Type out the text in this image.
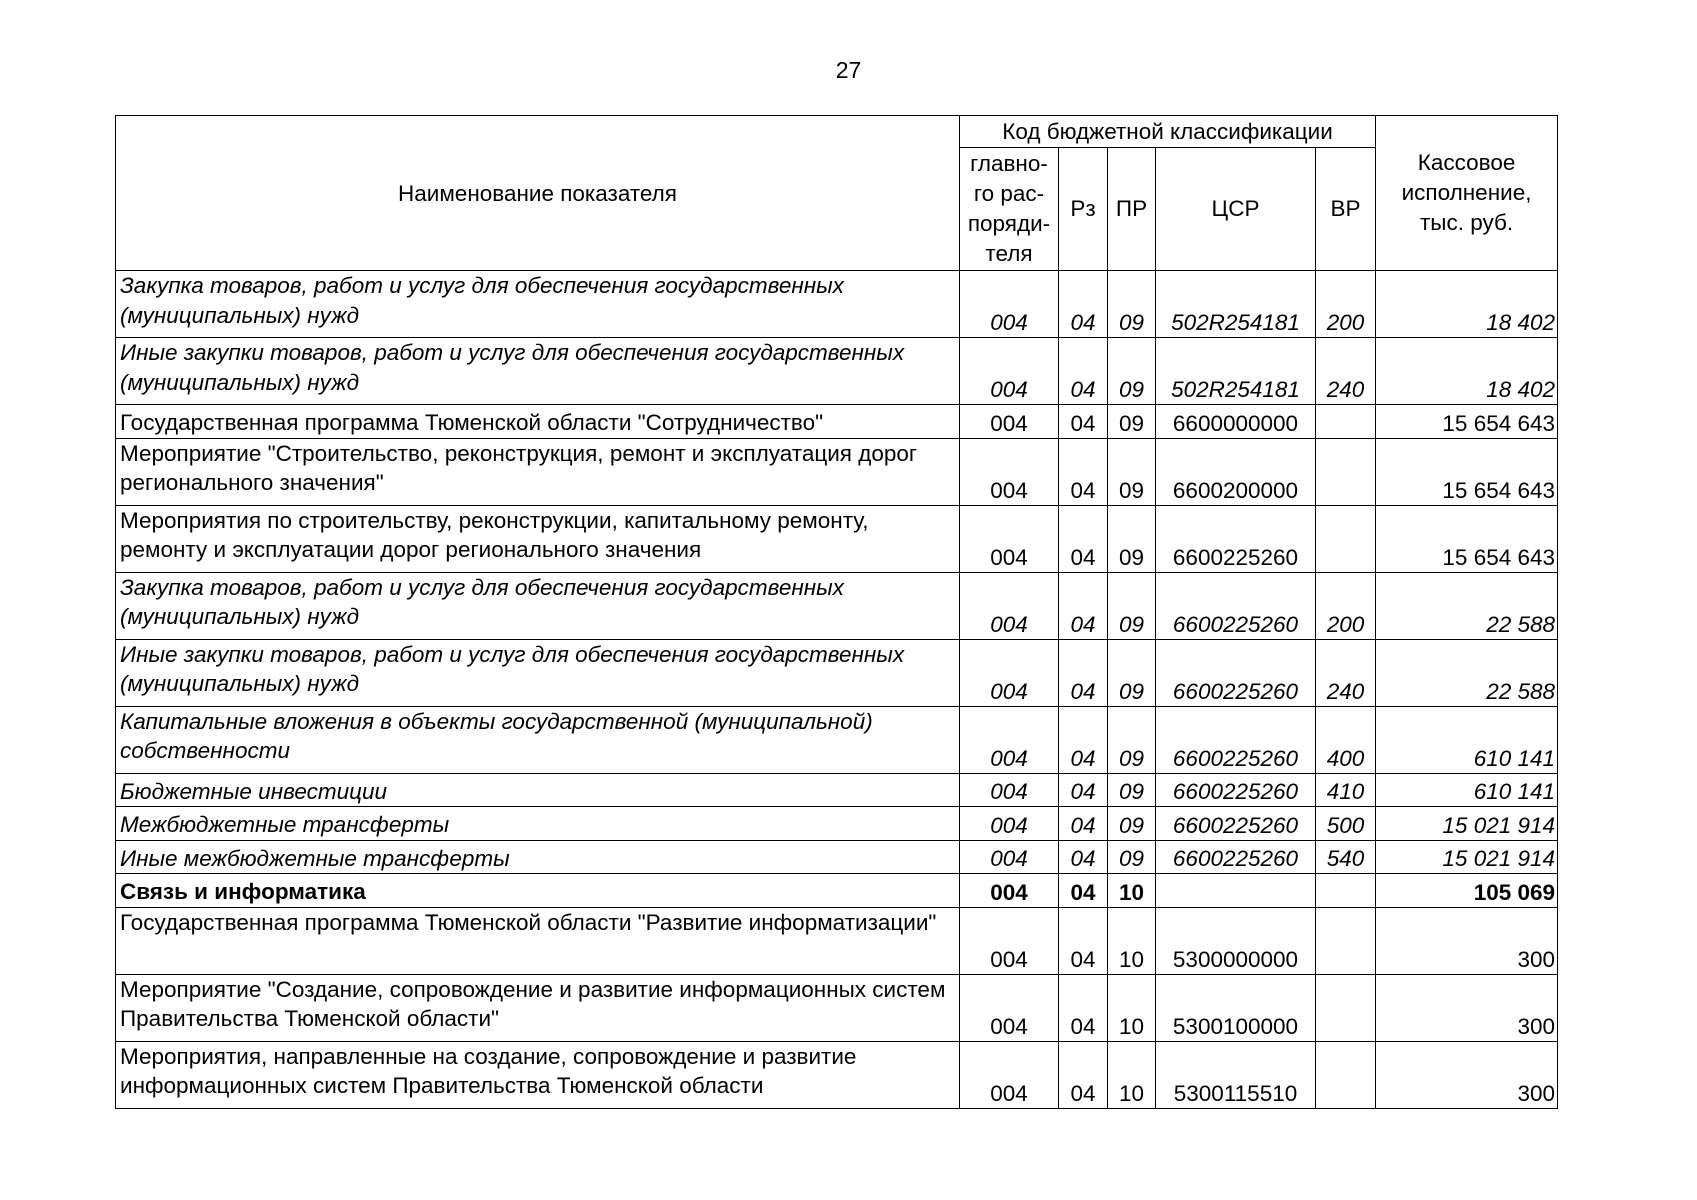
27
Наименование показателя	Код бюджетной классификации					Кассовое
исполнение,
тыс. руб.

	главно-
го рас-
поряди-
теля	Рз	ПР	ЦСР	ВР	
Закупка товаров, работ и услуг для обеспечения государственных (муниципальных) нужд	004	04	09	502R254181	200	18 402
Иные закупки товаров, работ и услуг для обеспечения государственных (муниципальных) нужд	004	04	09	502R254181	240	18 402
Государственная программа Тюменской области "Сотрудничество"	004	04	09	6600000000		15 654 643
Мероприятие "Строительство, реконструкция, ремонт и эксплуатация дорог регионального значения"	004	04	09	6600200000		15 654 643
Мероприятия по строительству, реконструкции, капитальному ремонту, ремонту и эксплуатации дорог регионального значения	004	04	09	6600225260		15 654 643
Закупка товаров, работ и услуг для обеспечения государственных (муниципальных) нужд	004	04	09	6600225260	200	22 588
Иные закупки товаров, работ и услуг для обеспечения государственных (муниципальных) нужд	004	04	09	6600225260	240	22 588
Капитальные вложения в объекты государственной (муниципальной) собственности	004	04	09	6600225260	400	610 141
Бюджетные инвестиции	004	04	09	6600225260	410	610 141
Межбюджетные трансферты	004	04	09	6600225260	500	15 021 914
Иные межбюджетные трансферты	004	04	09	6600225260	540	15 021 914
Связь и информатика	004	04	10			105 069
Государственная программа Тюменской области "Развитие информатизации"	004	04	10	5300000000		300
Мероприятие "Создание, сопровождение и развитие информационных систем Правительства Тюменской области"	004	04	10	5300100000		300
Мероприятия, направленные на создание, сопровождение и развитие информационных систем Правительства Тюменской области	004	04	10	5300115510		300
